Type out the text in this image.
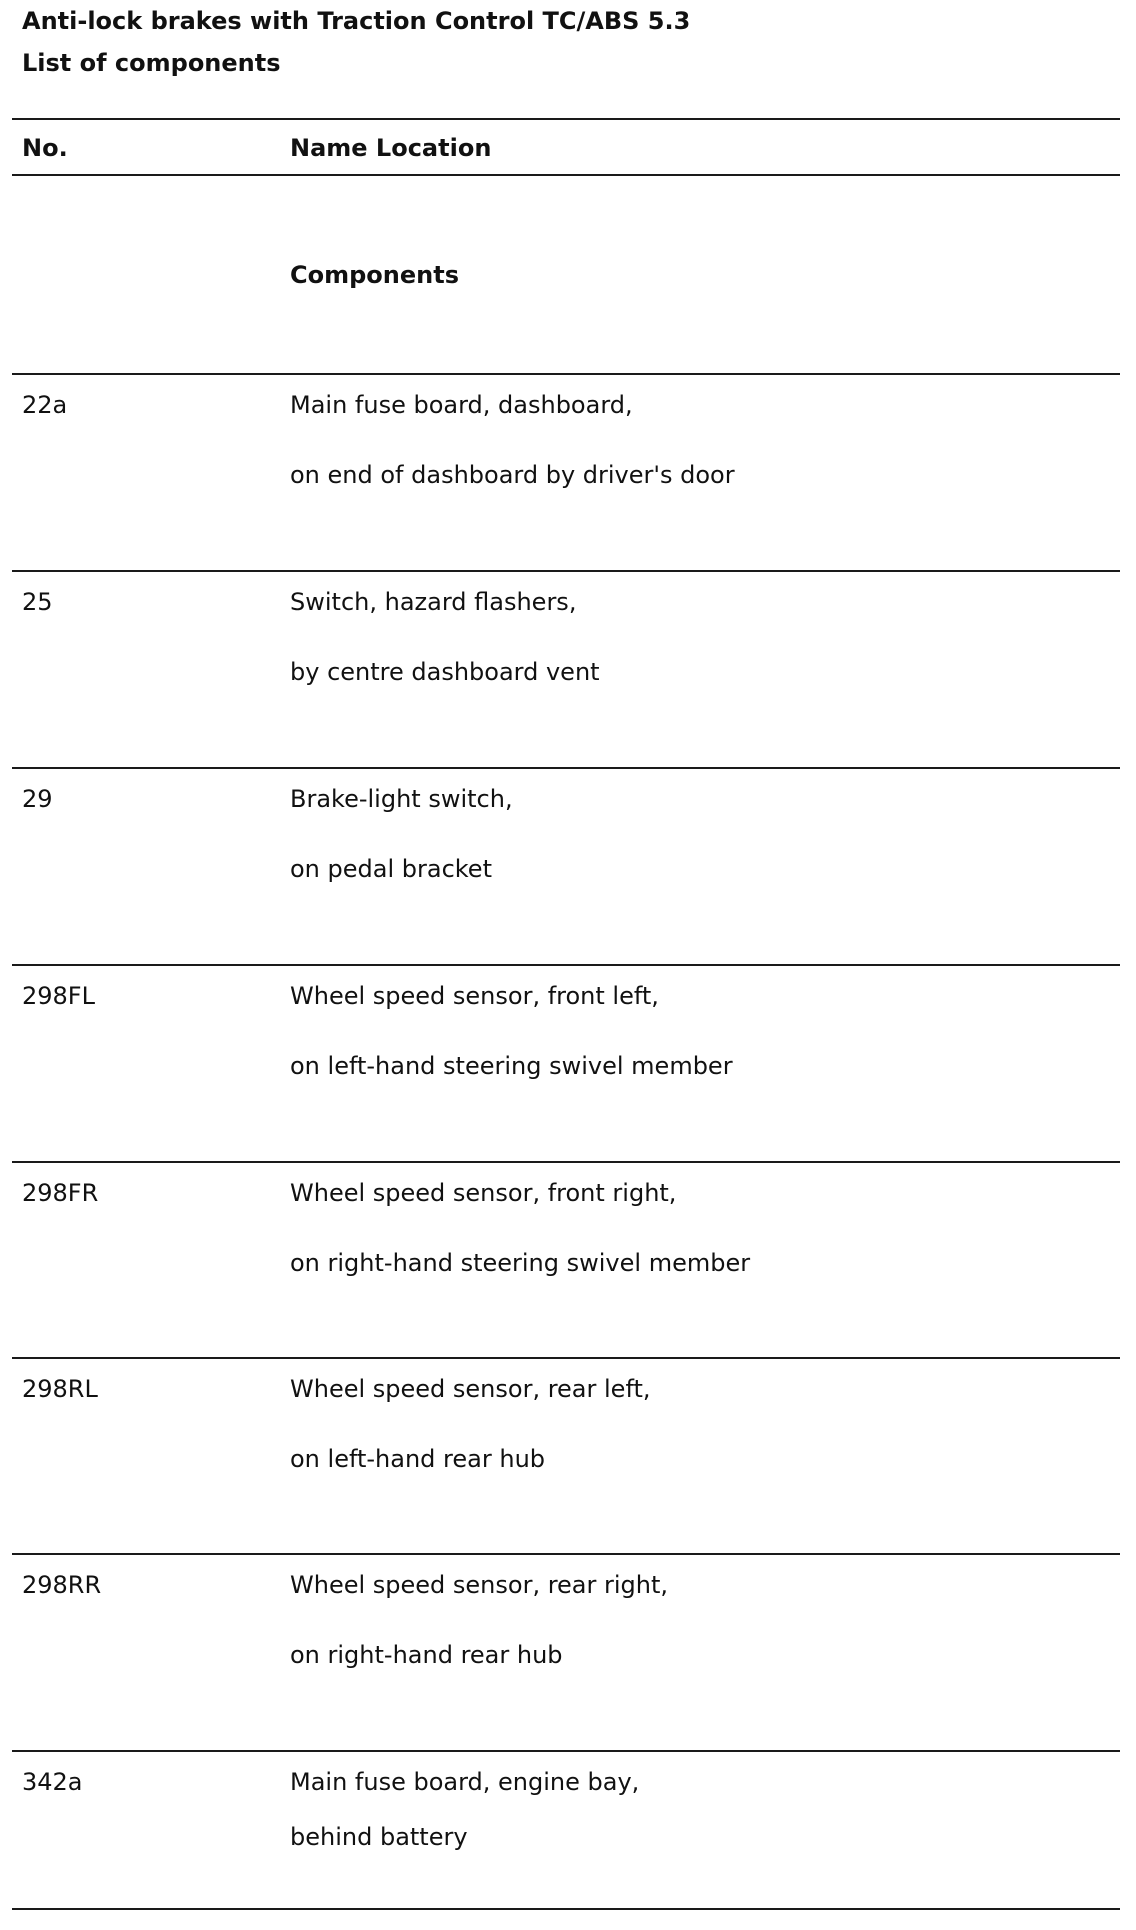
Anti-lock brakes with Traction Control TC/ABS 5.3
List of components
No.	Name Location
Components
22a	Main fuse board, dashboard,
on end of dashboard by driver's door
25	Switch, hazard flashers,
by centre dashboard vent
29	Brake-light switch,
on pedal bracket
298FL	Wheel speed sensor, front left,
on left-hand steering swivel member
298FR	Wheel speed sensor, front right,
on right-hand steering swivel member
298RL	Wheel speed sensor, rear left,
on left-hand rear hub
298RR	Wheel speed sensor, rear right,
on right-hand rear hub
342a	Main fuse board, engine bay,
behind battery
